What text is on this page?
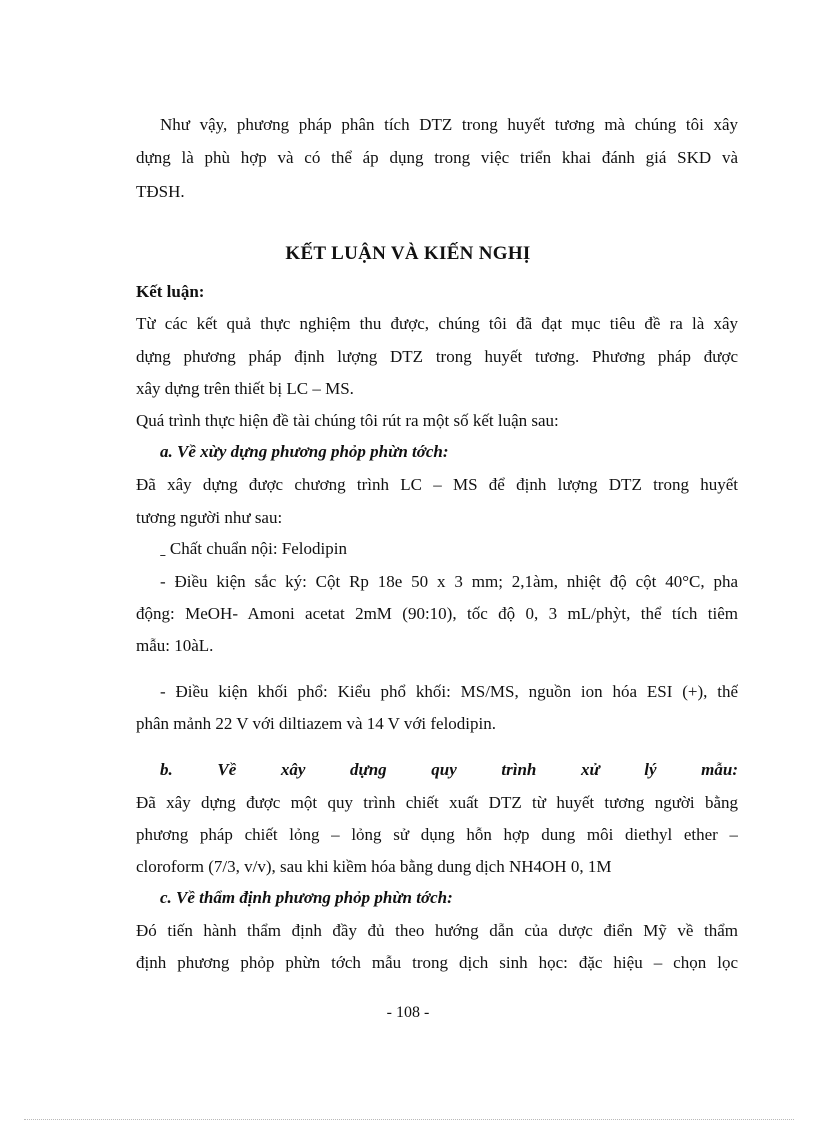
Như vậy, phương pháp phân tích DTZ trong huyết tương mà chúng tôi xây
dựng là phù hợp và có thể áp dụng trong việc triển khai đánh giá SKD và
TĐSH.
KẾT LUẬN VÀ KIẾN NGHỊ
Kết luận:
Từ các kết quả thực nghiệm thu được, chúng tôi đã đạt mục tiêu đề ra là xây
dựng phương pháp định lượng DTZ trong huyết tương. Phương pháp được
xây dựng trên thiết bị LC – MS.
Quá trình thực hiện đề tài chúng tôi rút ra một số kết luận sau:
a. Về xừy dựng phương phỏp phừn tớch:
Đã xây dựng được chương trình LC – MS để định lượng DTZ trong huyết
tương người như sau:
ˍ Chất chuẩn nội: Felodipin
- Điều kiện sắc ký: Cột Rp 18e 50 x 3 mm; 2,1àm, nhiệt độ cột 40°C, pha
động: MeOH- Amoni acetat 2mM (90:10), tốc độ 0, 3 mL/phỳt, thể tích tiêm
mẫu: 10àL.
- Điều kiện khối phổ: Kiểu phổ khối: MS/MS, nguồn ion hóa ESI (+), thế
phân mảnh 22 V với diltiazem và 14 V với felodipin.
b. Về xây dựng quy trình xử lý mẫu:
Đã xây dựng được một quy trình chiết xuất DTZ từ huyết tương người bằng
phương pháp chiết lỏng – lỏng sử dụng hỗn hợp dung môi diethyl ether –
cloroform (7/3, v/v), sau khi kiềm hóa bằng dung dịch NH4OH 0, 1M
c. Về thẩm định phương phỏp phừn tớch:
Đó tiến hành thẩm định đầy đủ theo hướng dẫn của dược điển Mỹ về thẩm
định phương phỏp phừn tớch mẫu trong dịch sinh học: đặc hiệu – chọn lọc
- 108 -
